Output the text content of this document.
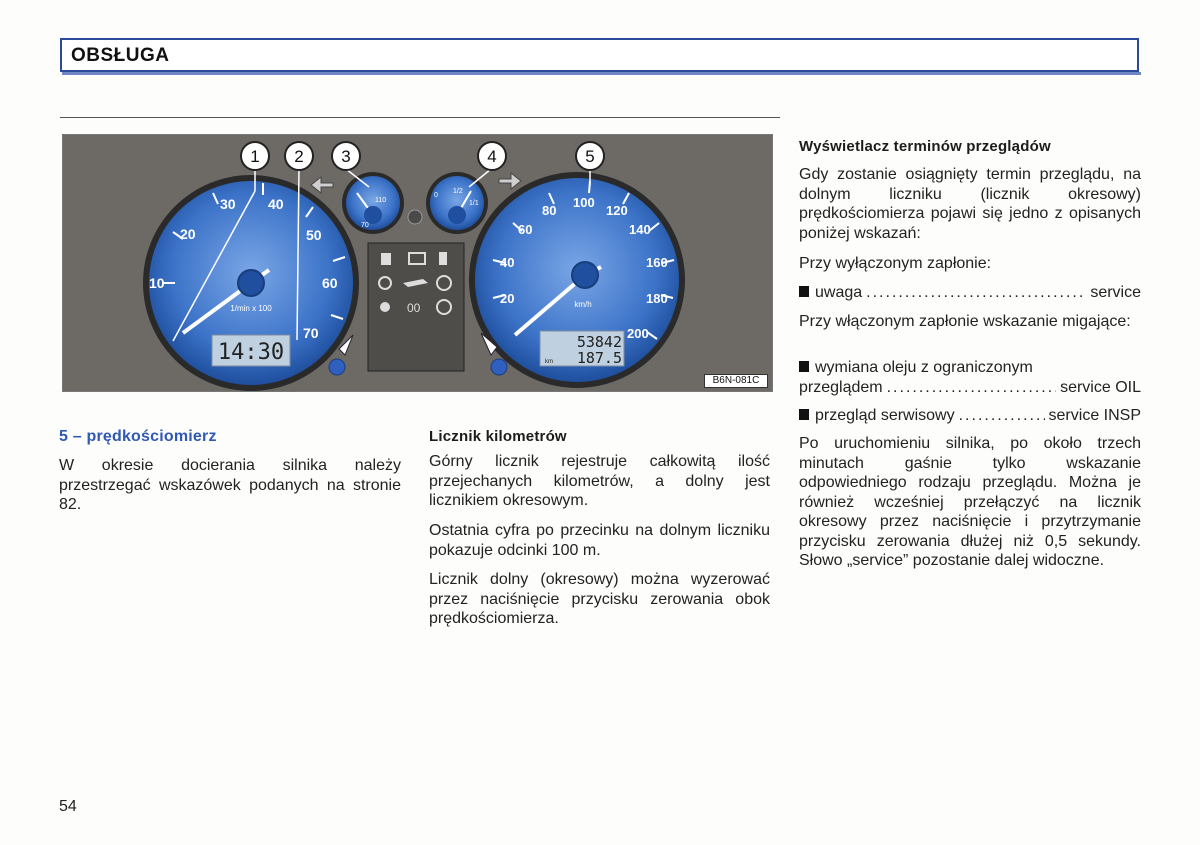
OBSŁUGA
10
20
30 40
50
60
70
1/min x 100
14:30
70
110
0
1/2
1/1
00
20
40
60
80
100
120
140
160
180
200
km/h
53842
187.5
km
1 2 3	4	5
B6N-081C
5 – prędkościomierz
W okresie docierania silnika należy przestrzegać wskazówek podanych na stronie 82.
Licznik kilometrów
Górny licznik rejestruje całkowitą ilość przejechanych kilometrów, a dolny jest licznikiem okresowym.
Ostatnia cyfra po przecinku na dolnym liczniku pokazuje odcinki 100 m.
Licznik dolny (okresowy) można wyzerować przez naciśnięcie przycisku zerowania obok prędkościomierza.
Wyświetlacz terminów przeglądów
Gdy zostanie osiągnięty termin przeglądu, na dolnym liczniku (licznik okresowy) prędkościomierza pojawi się jedno z opisanych poniżej wskazań:
Przy wyłączonym zapłonie:
uwaga .....	service
Przy włączonym zapłonie wskazanie migające:
wymiana oleju z ograniczonym
przeglądem .....	service OIL
przegląd serwisowy .....	service INSP
Po uruchomieniu silnika, po około trzech minutach gaśnie tylko wskazanie odpowiedniego rodzaju przeglądu. Można je również wcześniej przełączyć na licznik okresowy przez naciśnięcie i przytrzymanie przycisku zerowania dłużej niż 0,5 sekundy. Słowo „service” pozostanie dalej widoczne.
54
